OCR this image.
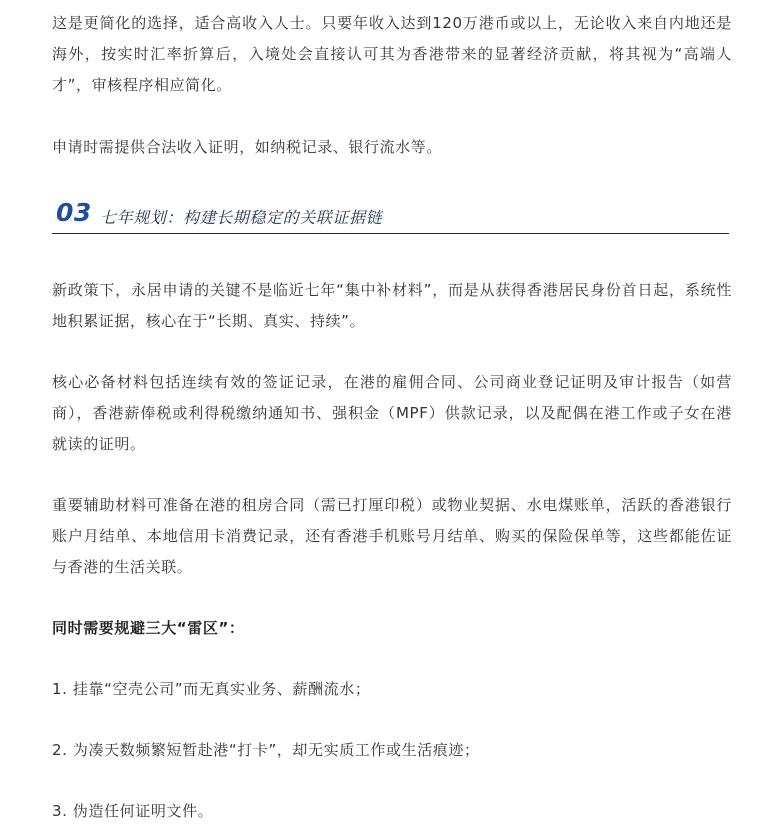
这是更简化的选择，适合高收入人士。只要年收入达到120万港币或以上，无论收入来自内地还是海外，按实时汇率折算后，入境处会直接认可其为香港带来的显著经济贡献，将其视为“高端人才”，审核程序相应简化。

申请时需提供合法收入证明，如纳税记录、银行流水等。

03 七年规划：构建长期稳定的关联证据链

新政策下，永居申请的关键不是临近七年“集中补材料”，而是从获得香港居民身份首日起，系统性地积累证据，核心在于“长期、真实、持续”。

核心必备材料包括连续有效的签证记录，在港的雇佣合同、公司商业登记证明及审计报告（如营商），香港薪俸税或利得税缴纳通知书、强积金（MPF）供款记录，以及配偶在港工作或子女在港就读的证明。

重要辅助材料可准备在港的租房合同（需已打厘印税）或物业契据、水电煤账单，活跃的香港银行账户月结单、本地信用卡消费记录，还有香港手机账号月结单、购买的保险保单等，这些都能佐证与香港的生活关联。

同时需要规避三大“雷区”：

1. 挂靠“空壳公司”而无真实业务、薪酬流水；

2. 为凑天数频繁短暂赴港“打卡”，却无实质工作或生活痕迹；

3. 伪造任何证明文件。
